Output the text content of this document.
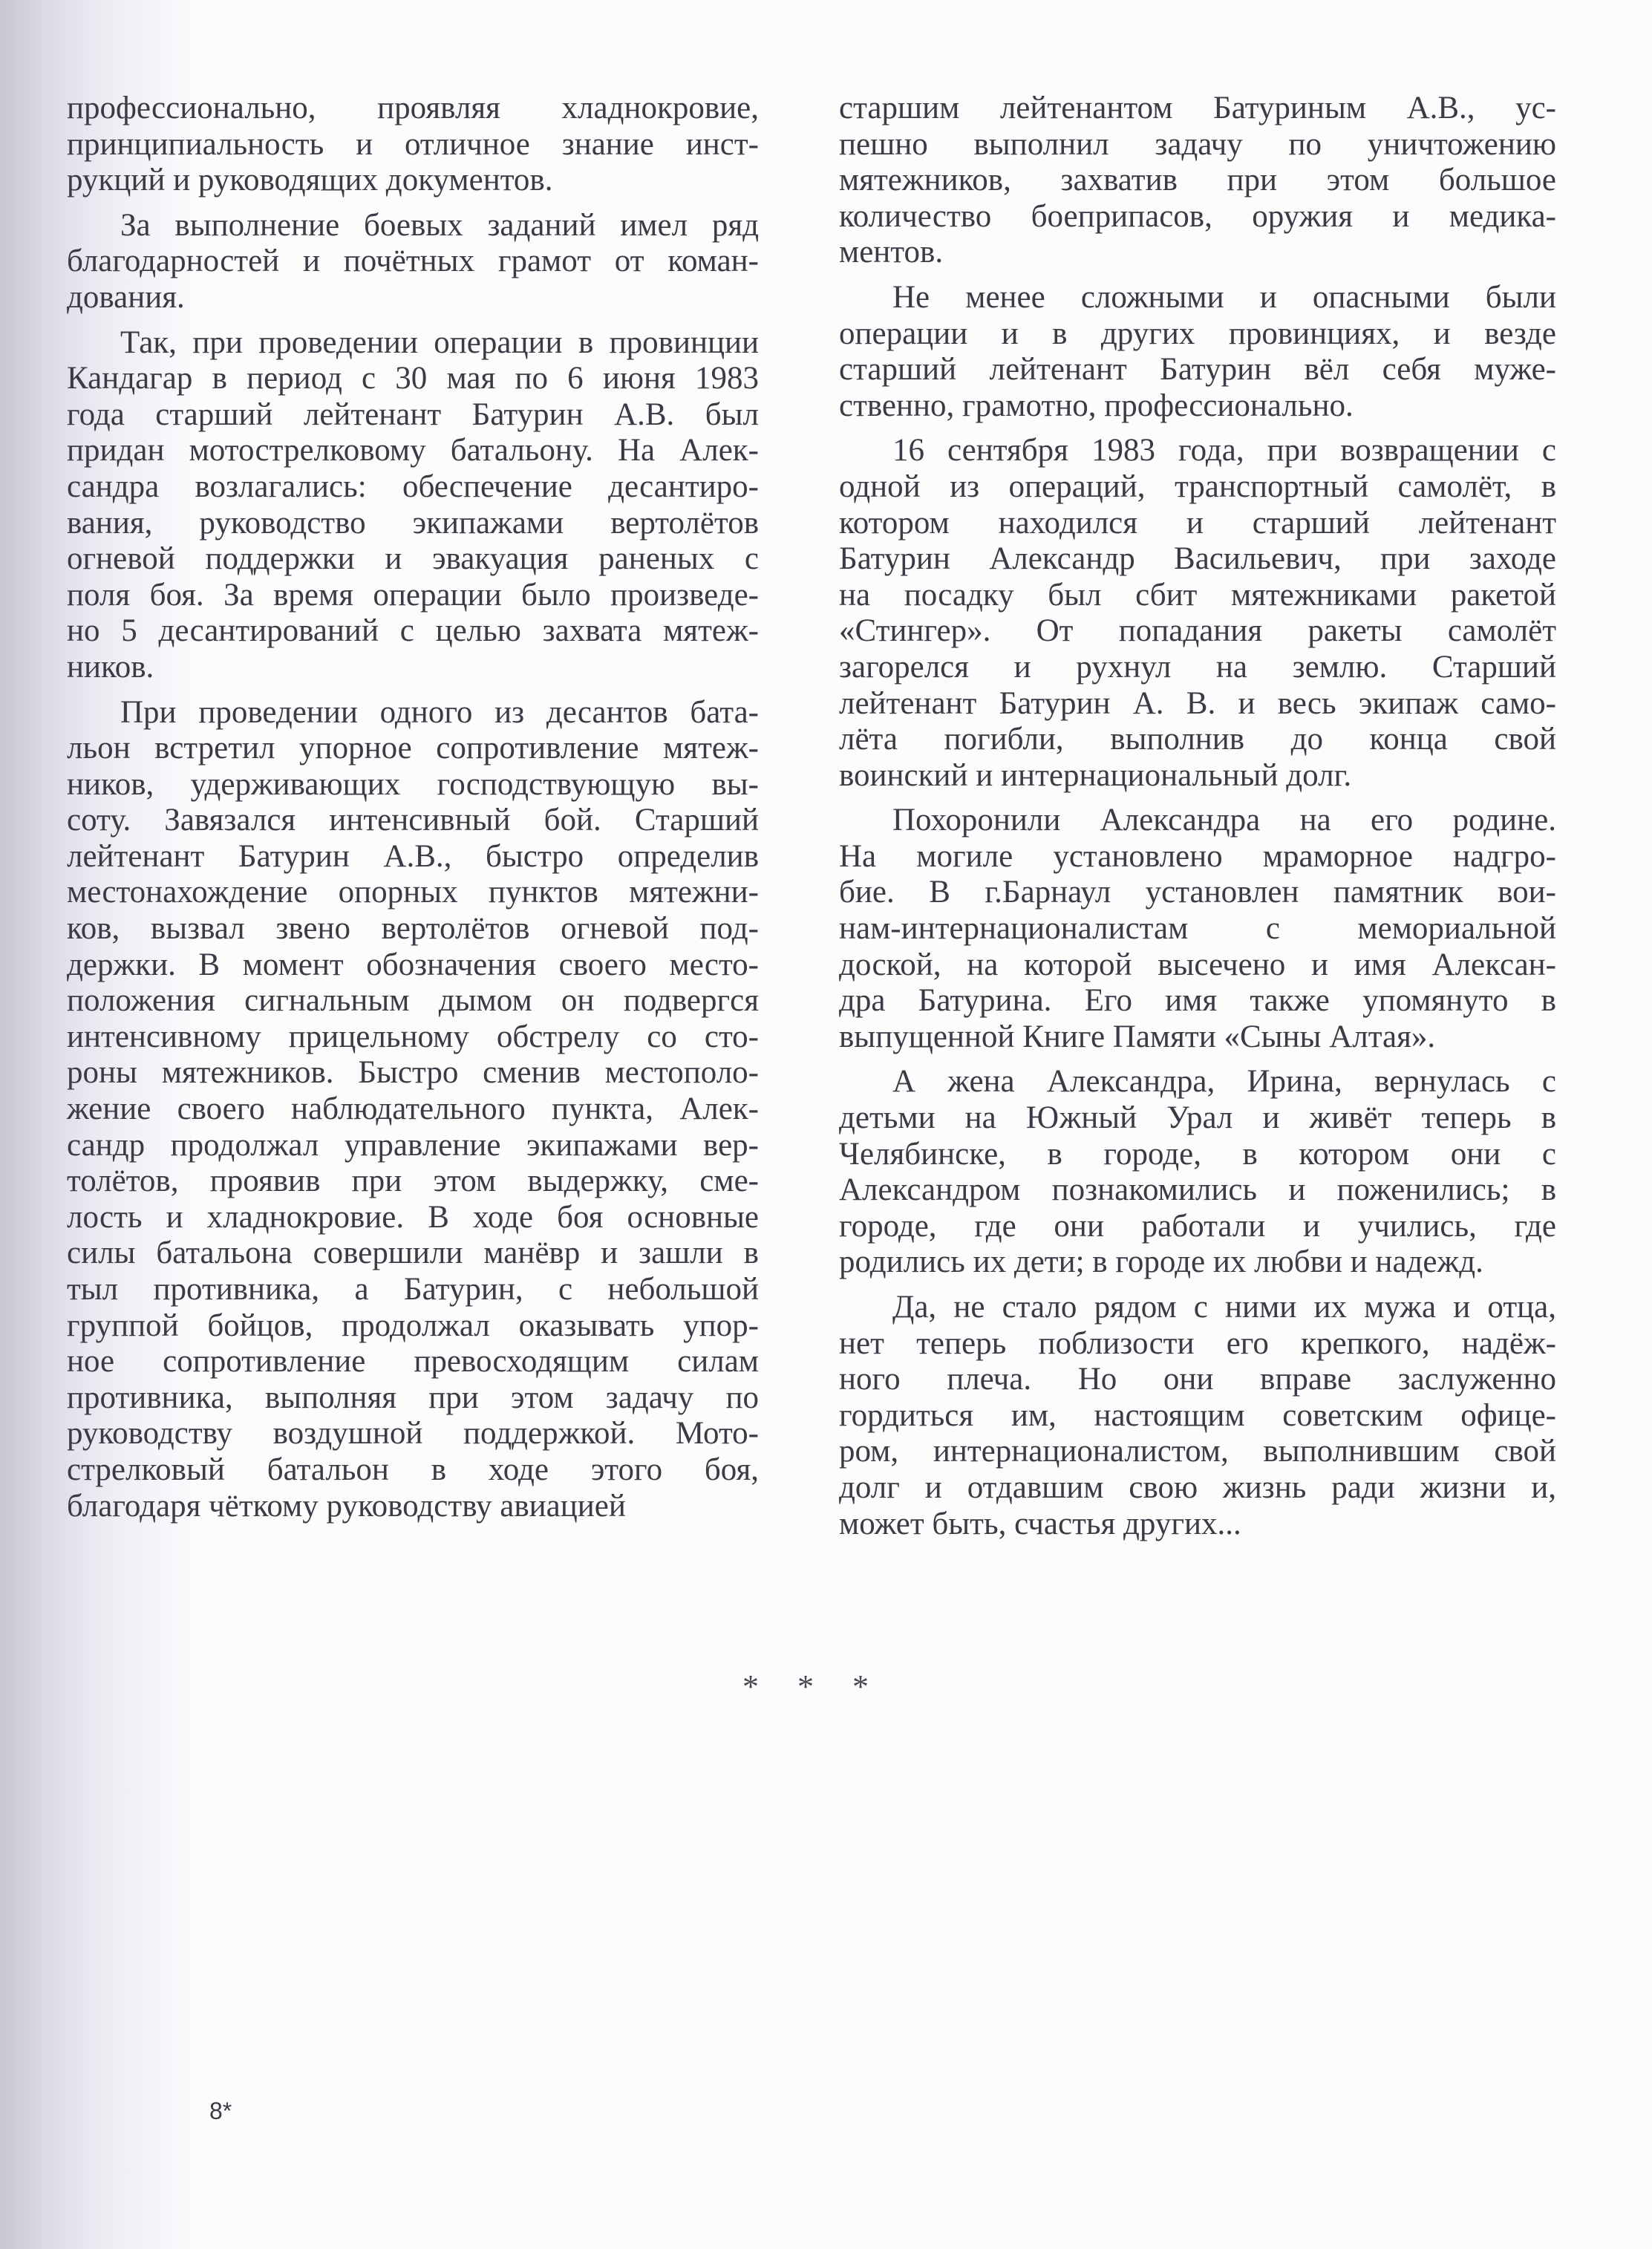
профессионально, проявляя хладнокровие,
принципиальность и отличное знание инст-
рукций и руководящих документов.

За выполнение боевых заданий имел ряд
благодарностей и почётных грамот от коман-
дования.

Так, при проведении операции в провинции
Кандагар в период с 30 мая по 6 июня 1983
года старший лейтенант Батурин А.В. был
придан мотострелковому батальону. На Алек-
сандра возлагались: обеспечение десантиро-
вания, руководство экипажами вертолётов
огневой поддержки и эвакуация раненых с
поля боя. За время операции было произведе-
но 5 десантирований с целью захвата мятеж-
ников.

При проведении одного из десантов бата-
льон встретил упорное сопротивление мятеж-
ников, удерживающих господствующую вы-
соту. Завязался интенсивный бой. Старший
лейтенант Батурин А.В., быстро определив
местонахождение опорных пунктов мятежни-
ков, вызвал звено вертолётов огневой под-
держки. В момент обозначения своего место-
положения сигнальным дымом он подвергся
интенсивному прицельному обстрелу со сто-
роны мятежников. Быстро сменив местополо-
жение своего наблюдательного пункта, Алек-
сандр продолжал управление экипажами вер-
толётов, проявив при этом выдержку, сме-
лость и хладнокровие. В ходе боя основные
силы батальона совершили манёвр и зашли в
тыл противника, а Батурин, с небольшой
группой бойцов, продолжал оказывать упор-
ное сопротивление превосходящим силам
противника, выполняя при этом задачу по
руководству воздушной поддержкой. Мото-
стрелковый батальон в ходе этого боя,
благодаря чёткому руководству авиацией

старшим лейтенантом Батуриным А.В., ус-
пешно выполнил задачу по уничтожению
мятежников, захватив при этом большое
количество боеприпасов, оружия и медика-
ментов.

Не менее сложными и опасными были
операции и в других провинциях, и везде
старший лейтенант Батурин вёл себя муже-
ственно, грамотно, профессионально.

16 сентября 1983 года, при возвращении с
одной из операций, транспортный самолёт, в
котором находился и старший лейтенант
Батурин Александр Васильевич, при заходе
на посадку был сбит мятежниками ракетой
«Стингер». От попадания ракеты самолёт
загорелся и рухнул на землю. Старший
лейтенант Батурин А. В. и весь экипаж само-
лёта погибли, выполнив до конца свой
воинский и интернациональный долг.

Похоронили Александра на его родине.
На могиле установлено мраморное надгро-
бие. В г.Барнаул установлен памятник вои-
нам-интернационалистам с мемориальной
доской, на которой высечено и имя Алексан-
дра Батурина. Его имя также упомянуто в
выпущенной Книге Памяти «Сыны Алтая».

А жена Александра, Ирина, вернулась с
детьми на Южный Урал и живёт теперь в
Челябинске, в городе, в котором они с
Александром познакомились и поженились; в
городе, где они работали и учились, где
родились их дети; в городе их любви и надежд.

Да, не стало рядом с ними их мужа и отца,
нет теперь поблизости его крепкого, надёж-
ного плеча. Но они вправе заслуженно
гордиться им, настоящим советским офице-
ром, интернационалистом, выполнившим свой
долг и отдавшим свою жизнь ради жизни и,
может быть, счастья других...

* * *
8*
